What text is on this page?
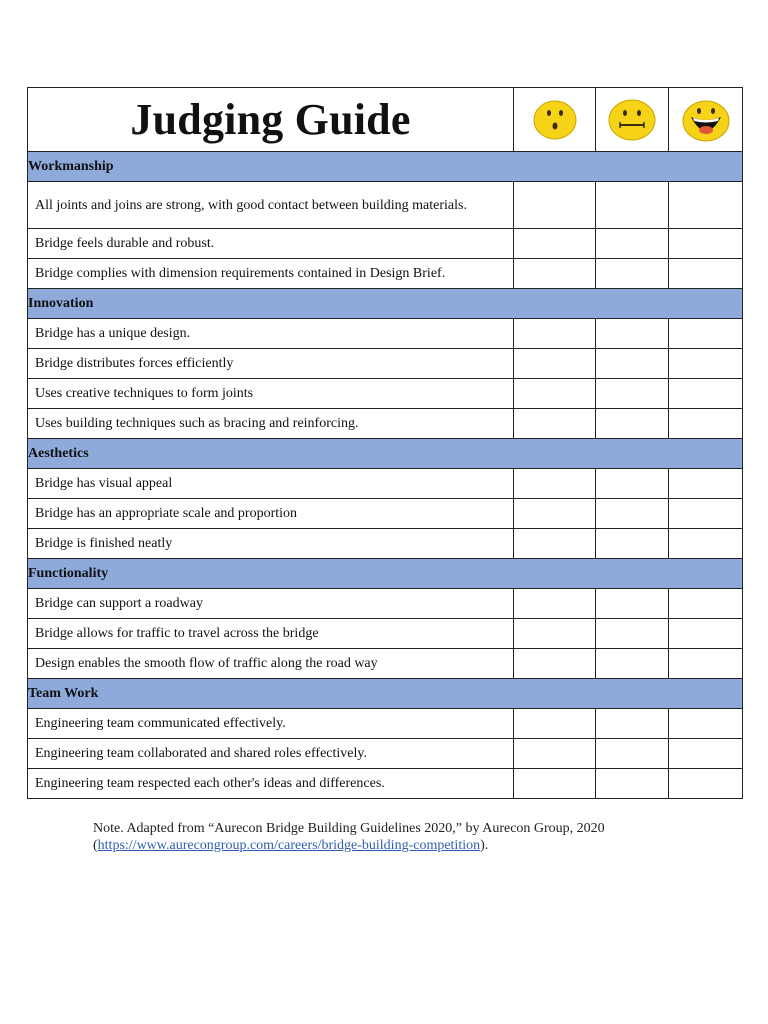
Judging Guide	

Workmanship			
All joints and joins are strong, with good contact between building materials.			
Bridge feels durable and robust.			
Bridge complies with dimension requirements contained in Design Brief.			
Innovation			
Bridge has a unique design.			
Bridge distributes forces efficiently			
Uses creative techniques to form joints			
Uses building techniques such as bracing and reinforcing.			
Aesthetics			
Bridge has visual appeal			
Bridge has an appropriate scale and proportion			
Bridge is finished neatly			
Functionality			
Bridge can support a roadway			
Bridge allows for traffic to travel across the bridge			
Design enables the smooth flow of traffic along the road way			
Team Work			
Engineering team communicated effectively.			
Engineering team collaborated and shared roles effectively.			
Engineering team respected each other's ideas and differences.			
Note. Adapted from “Aurecon Bridge Building Guidelines 2020,” by Aurecon Group, 2020 (https://www.aurecongroup.com/careers/bridge-building-competition).
